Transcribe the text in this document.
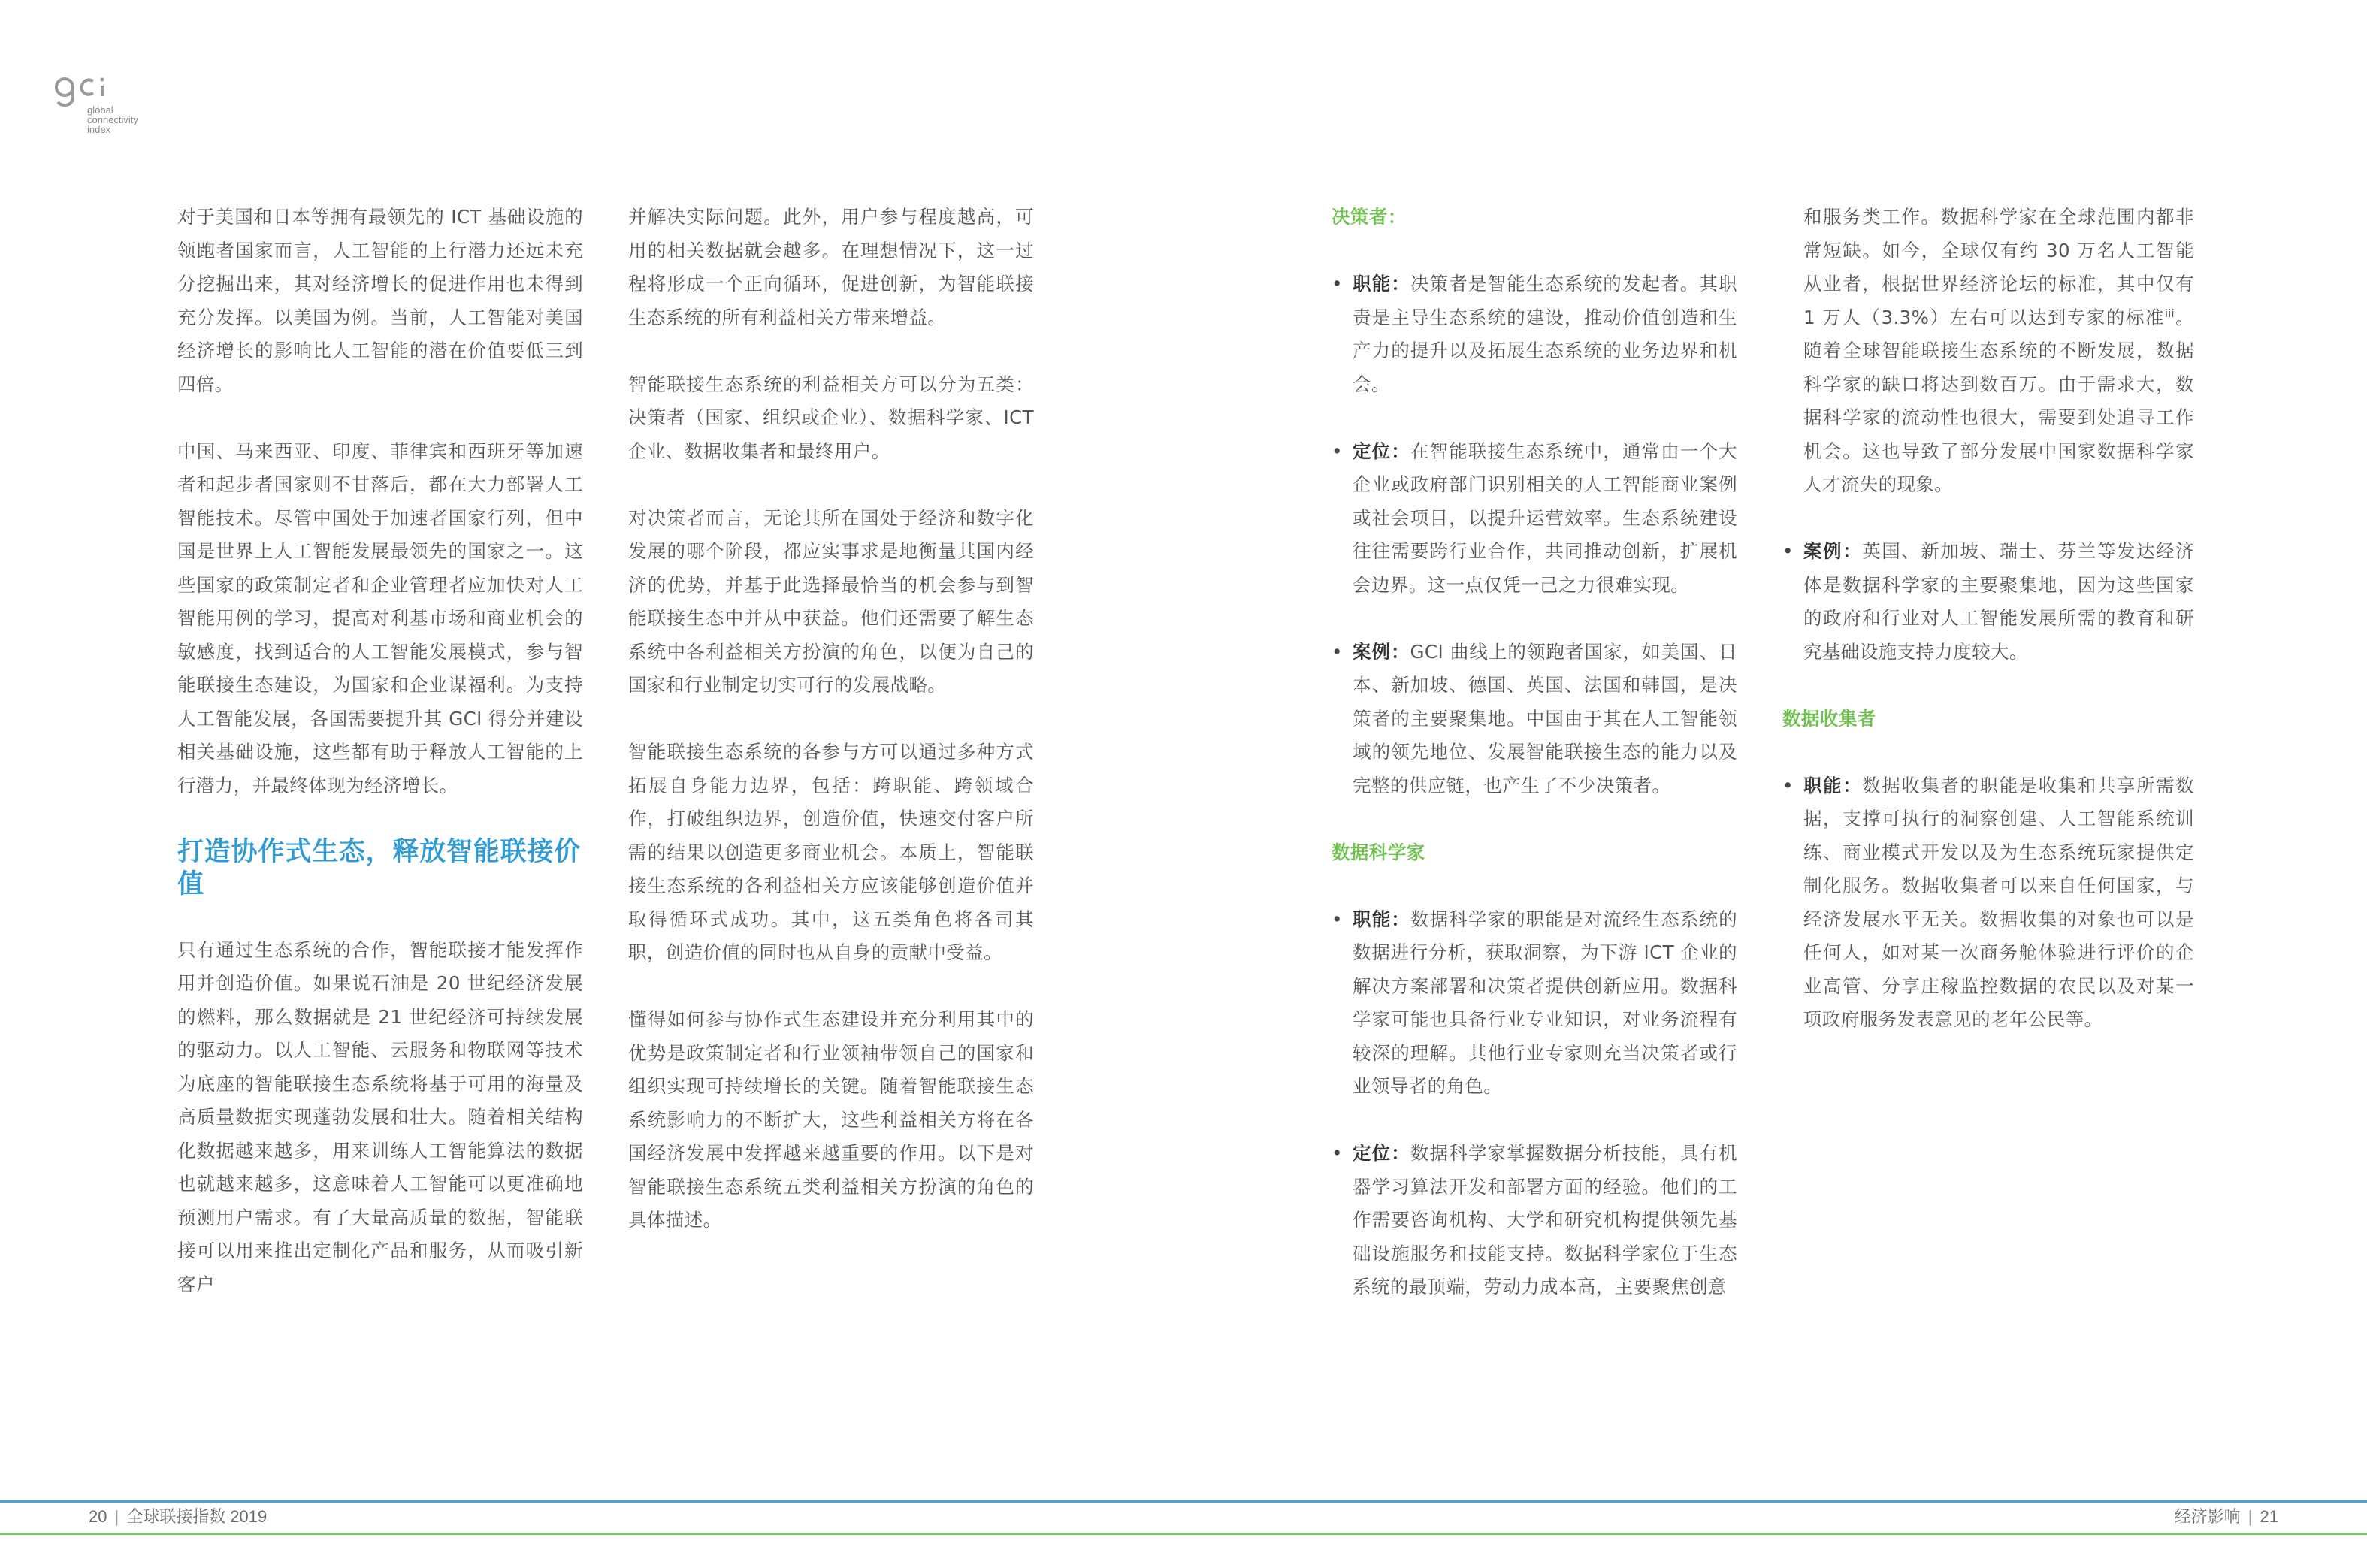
global
connectivity
index

对于美国和日本等拥有最领先的 ICT 基础设施的领跑者国家而言，人工智能的上行潜力还远未充分挖掘出来，其对经济增长的促进作用也未得到充分发挥。以美国为例。当前，人工智能对美国经济增长的影响比人工智能的潜在价值要低三到四倍。

中国、马来西亚、印度、菲律宾和西班牙等加速者和起步者国家则不甘落后，都在大力部署人工智能技术。尽管中国处于加速者国家行列，但中国是世界上人工智能发展最领先的国家之一。这些国家的政策制定者和企业管理者应加快对人工智能用例的学习，提高对利基市场和商业机会的敏感度，找到适合的人工智能发展模式，参与智能联接生态建设，为国家和企业谋福利。为支持人工智能发展，各国需要提升其 GCI 得分并建设相关基础设施，这些都有助于释放人工智能的上行潜力，并最终体现为经济增长。

打造协作式生态，释放智能联接价值

只有通过生态系统的合作，智能联接才能发挥作用并创造价值。如果说石油是 20 世纪经济发展的燃料，那么数据就是 21 世纪经济可持续发展的驱动力。以人工智能、云服务和物联网等技术为底座的智能联接生态系统将基于可用的海量及高质量数据实现蓬勃发展和壮大。随着相关结构化数据越来越多，用来训练人工智能算法的数据也就越来越多，这意味着人工智能可以更准确地预测用户需求。有了大量高质量的数据，智能联接可以用来推出定制化产品和服务，从而吸引新客户

并解决实际问题。此外，用户参与程度越高，可用的相关数据就会越多。在理想情况下，这一过程将形成一个正向循环，促进创新，为智能联接生态系统的所有利益相关方带来增益。

智能联接生态系统的利益相关方可以分为五类：决策者（国家、组织或企业）、数据科学家、ICT 企业、数据收集者和最终用户。

对决策者而言，无论其所在国处于经济和数字化发展的哪个阶段，都应实事求是地衡量其国内经济的优势，并基于此选择最恰当的机会参与到智能联接生态中并从中获益。他们还需要了解生态系统中各利益相关方扮演的角色，以便为自己的国家和行业制定切实可行的发展战略。

智能联接生态系统的各参与方可以通过多种方式拓展自身能力边界，包括：跨职能、跨领域合作，打破组织边界，创造价值，快速交付客户所需的结果以创造更多商业机会。本质上，智能联接生态系统的各利益相关方应该能够创造价值并取得循环式成功。其中，这五类角色将各司其职，创造价值的同时也从自身的贡献中受益。

懂得如何参与协作式生态建设并充分利用其中的优势是政策制定者和行业领袖带领自己的国家和组织实现可持续增长的关键。随着智能联接生态系统影响力的不断扩大，这些利益相关方将在各国经济发展中发挥越来越重要的作用。以下是对智能联接生态系统五类利益相关方扮演的角色的具体描述。

决策者：
• 职能：决策者是智能生态系统的发起者。其职责是主导生态系统的建设，推动价值创造和生产力的提升以及拓展生态系统的业务边界和机会。
• 定位：在智能联接生态系统中，通常由一个大企业或政府部门识别相关的人工智能商业案例或社会项目，以提升运营效率。生态系统建设往往需要跨行业合作，共同推动创新，扩展机会边界。这一点仅凭一己之力很难实现。
• 案例：GCI 曲线上的领跑者国家，如美国、日本、新加坡、德国、英国、法国和韩国，是决策者的主要聚集地。中国由于其在人工智能领域的领先地位、发展智能联接生态的能力以及完整的供应链，也产生了不少决策者。
数据科学家
• 职能：数据科学家的职能是对流经生态系统的数据进行分析，获取洞察，为下游 ICT 企业的解决方案部署和决策者提供创新应用。数据科学家可能也具备行业专业知识，对业务流程有较深的理解。其他行业专家则充当决策者或行业领导者的角色。
• 定位：数据科学家掌握数据分析技能，具有机器学习算法开发和部署方面的经验。他们的工作需要咨询机构、大学和研究机构提供领先基础设施服务和技能支持。数据科学家位于生态系统的最顶端，劳动力成本高，主要聚焦创意

和服务类工作。数据科学家在全球范围内都非常短缺。如今，全球仅有约 30 万名人工智能从业者，根据世界经济论坛的标准，其中仅有 1 万人（3.3%）左右可以达到专家的标准$^{iii}$。随着全球智能联接生态系统的不断发展，数据科学家的缺口将达到数百万。由于需求大，数据科学家的流动性也很大，需要到处追寻工作机会。这也导致了部分发展中国家数据科学家人才流失的现象。

• 案例：英国、新加坡、瑞士、芬兰等发达经济体是数据科学家的主要聚集地，因为这些国家的政府和行业对人工智能发展所需的教育和研究基础设施支持力度较大。
数据收集者
• 职能：数据收集者的职能是收集和共享所需数据，支撑可执行的洞察创建、人工智能系统训练、商业模式开发以及为生态系统玩家提供定制化服务。数据收集者可以来自任何国家，与经济发展水平无关。数据收集的对象也可以是任何人，如对某一次商务舱体验进行评价的企业高管、分享庄稼监控数据的农民以及对某一项政府服务发表意见的老年公民等。
20 | 全球联接指数 2019	经济影响 | 21
